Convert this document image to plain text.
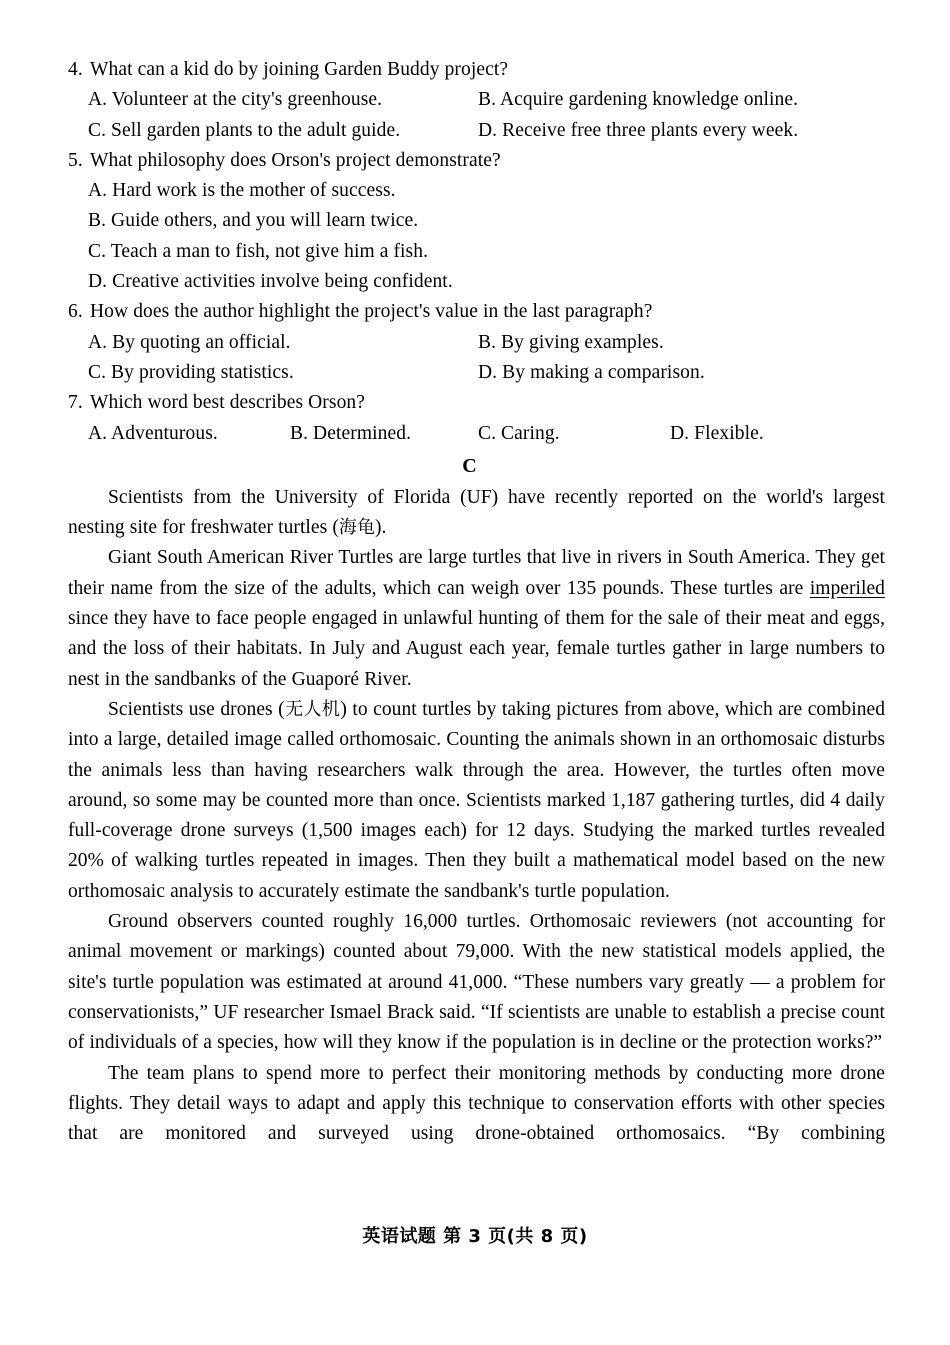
4. What can a kid do by joining Garden Buddy project?
A. Volunteer at the city's greenhouse.	B. Acquire gardening knowledge online.
C. Sell garden plants to the adult guide.	D. Receive free three plants every week.
5. What philosophy does Orson's project demonstrate?
A. Hard work is the mother of success.
B. Guide others, and you will learn twice.
C. Teach a man to fish, not give him a fish.
D. Creative activities involve being confident.
6. How does the author highlight the project's value in the last paragraph?
A. By quoting an official.	B. By giving examples.
C. By providing statistics.	D. By making a comparison.
7. Which word best describes Orson?
A. Adventurous.	B. Determined.	C. Caring.	D. Flexible.
C

Scientists from the University of Florida (UF) have recently reported on the world's largest nesting site for freshwater turtles (海龟).

Giant South American River Turtles are large turtles that live in rivers in South America. They get their name from the size of the adults, which can weigh over 135 pounds. These turtles are imperiled since they have to face people engaged in unlawful hunting of them for the sale of their meat and eggs, and the loss of their habitats. In July and August each year, female turtles gather in large numbers to nest in the sandbanks of the Guaporé River.

Scientists use drones (无人机) to count turtles by taking pictures from above, which are combined into a large, detailed image called orthomosaic. Counting the animals shown in an orthomosaic disturbs the animals less than having researchers walk through the area. However, the turtles often move around, so some may be counted more than once. Scientists marked 1,187 gathering turtles, did 4 daily full-coverage drone surveys (1,500 images each) for 12 days. Studying the marked turtles revealed 20% of walking turtles repeated in images. Then they built a mathematical model based on the new orthomosaic analysis to accurately estimate the sandbank's turtle population.

Ground observers counted roughly 16,000 turtles. Orthomosaic reviewers (not accounting for animal movement or markings) counted about 79,000. With the new statistical models applied, the site's turtle population was estimated at around 41,000. “These numbers vary greatly — a problem for conservationists,” UF researcher Ismael Brack said. “If scientists are unable to establish a precise count of individuals of a species, how will they know if the population is in decline or the protection works?”

The team plans to spend more to perfect their monitoring methods by conducting more drone flights. They detail ways to adapt and apply this technique to conservation efforts with other species that are monitored and surveyed using drone-obtained orthomosaics. “By combining

英语试题 第 3 页(共 8 页)
